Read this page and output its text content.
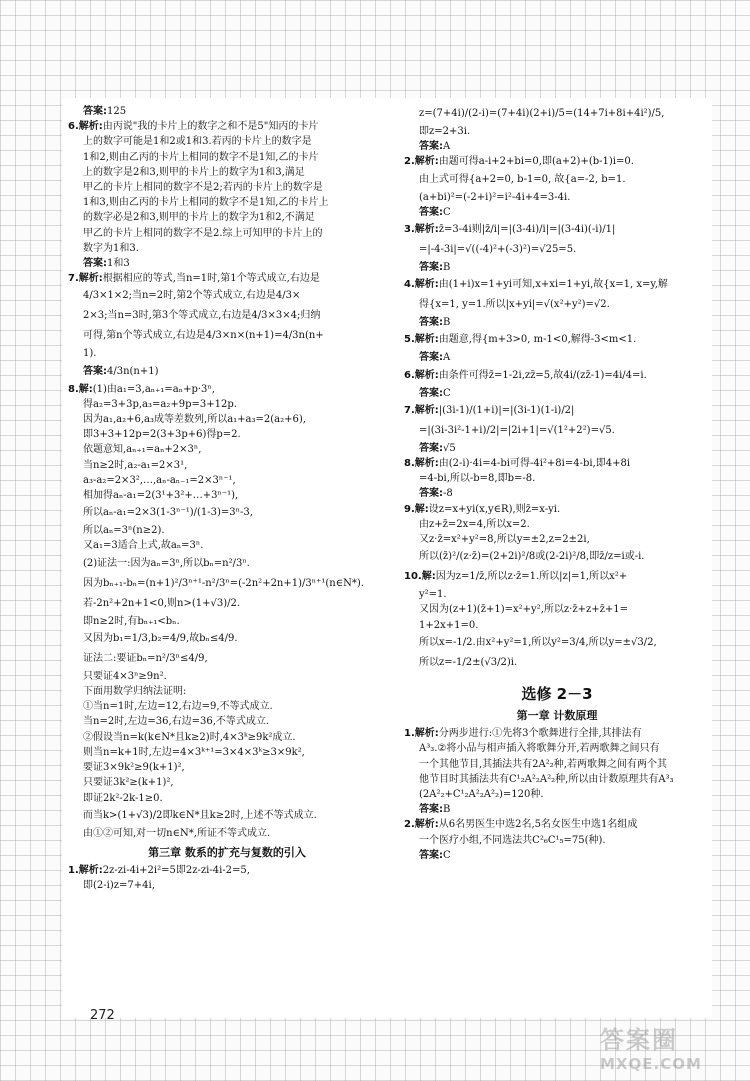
答案:125
6.解析:由丙说"我的卡片上的数字之和不是5"知丙的卡片
上的数字可能是1和2或1和3.若丙的卡片上的数字是
1和2,则由乙丙的卡片上相同的数字不是1知,乙的卡片
上的数字是2和3,则甲的卡片上的数字为1和3,满足
甲乙的卡片上相同的数字不是2;若丙的卡片上的数字是
1和3,则由乙丙的卡片上相同的数字不是1知,乙的卡片上
的数字必是2和3,则甲的卡片上的数字为1和2,不满足
甲乙的卡片上相同的数字不是2.综上可知甲的卡片上的
数字为1和3.
答案:1和3
7.解析:根据相应的等式,当n=1时,第1个等式成立,右边是
4/3×1×2;当n=2时,第2个等式成立,右边是4/3×
2×3;当n=3时,第3个等式成立,右边是4/3×3×4;归纳
可得,第n个等式成立,右边是4/3×n×(n+1)=4/3n(n+
1).
答案:4/3n(n+1)
8.解:(1)由a₁=3,aₙ₊₁=aₙ+p·3ⁿ,
得a₂=3+3p,a₃=a₂+9p=3+12p.
因为a₁,a₂+6,a₃成等差数列,所以a₁+a₃=2(a₂+6),
即3+3+12p=2(3+3p+6)得p=2.
依题意知,aₙ₊₁=aₙ+2×3ⁿ,
当n≥2时,a₂-a₁=2×3¹,
a₃-a₂=2×3²,…,aₙ-aₙ₋₁=2×3ⁿ⁻¹,
相加得aₙ-a₁=2(3¹+3²+…+3ⁿ⁻¹),
所以aₙ-a₁=2×3(1-3ⁿ⁻¹)/(1-3)=3ⁿ-3,
所以aₙ=3ⁿ(n≥2).
又a₁=3适合上式,故aₙ=3ⁿ.
(2)证法一:因为aₙ=3ⁿ,所以bₙ=n²/3ⁿ.
因为bₙ₊₁-bₙ=(n+1)²/3ⁿ⁺¹-n²/3ⁿ=(-2n²+2n+1)/3ⁿ⁺¹(n∈N*).
若-2n²+2n+1<0,则n>(1+√3)/2.
即n≥2时,有bₙ₊₁<bₙ.
又因为b₁=1/3,b₂=4/9,故bₙ≤4/9.
证法二:要证bₙ=n²/3ⁿ≤4/9,
只要证4×3ⁿ≥9n².
下面用数学归纳法证明:
①当n=1时,左边=12,右边=9,不等式成立.
当n=2时,左边=36,右边=36,不等式成立.
②假设当n=k(k∈N*且k≥2)时,4×3ᵏ≥9k²成立.
则当n=k+1时,左边=4×3ᵏ⁺¹=3×4×3ᵏ≥3×9k²,
要证3×9k²≥9(k+1)²,
只要证3k²≥(k+1)²,
即证2k²-2k-1≥0.
而当k>(1+√3)/2即k∈N*且k≥2时,上述不等式成立.
由①②可知,对一切n∈N*,所证不等式成立.
第三章 数系的扩充与复数的引入
1.解析:2z-zi-4i+2i²=5即2z-zi-4i-2=5,
即(2-i)z=7+4i,
z=(7+4i)/(2-i)=(7+4i)(2+i)/5=(14+7i+8i+4i²)/5,
即z=2+3i.
答案:A
2.解析:由题可得a-i+2+bi=0,即(a+2)+(b-1)i=0.
由上式可得{a+2=0, b-1=0, 故{a=-2, b=1.
(a+bi)²=(-2+i)²=i²-4i+4=3-4i.
答案:C
3.解析:z̄=3-4i则|z̄/i|=|(3-4i)/i|=|(3-4i)(-i)/1|
=|-4-3i|=√((-4)²+(-3)²)=√25=5.
答案:B
4.解析:由(1+i)x=1+yi可知,x+xi=1+yi,故{x=1, x=y,解
得{x=1, y=1.所以|x+yi|=√(x²+y²)=√2.
答案:B
5.解析:由题意,得{m+3>0, m-1<0,解得-3<m<1.
答案:A
6.解析:由条件可得z̄=1-2i,zz̄=5,故4i/(zz̄-1)=4i/4=i.
答案:C
7.解析:|(3i-1)/(1+i)|=|(3i-1)(1-i)/2|
=|(3i-3i²-1+i)/2|=|2i+1|=√(1²+2²)=√5.
答案:√5
8.解析:由(2-i)·4i=4-bi可得-4i²+8i=4-bi,即4+8i
=4-bi,所以-b=8,即b=-8.
答案:-8
9.解:设z=x+yi(x,y∈R),则z̄=x-yi.
由z+z̄=2x=4,所以x=2.
又z·z̄=x²+y²=8,所以y=±2,z=2±2i,
所以(z̄)²/(z·z̄)=(2+2i)²/8或(2-2i)²/8,即z̄/z=i或-i.
10.解:因为z=1/z̄,所以z·z̄=1.所以|z|=1,所以x²+
y²=1.
又因为(z+1)(z̄+1)=x²+y²,所以z·z̄+z+z̄+1=
1+2x+1=0.
所以x=-1/2.由x²+y²=1,所以y²=3/4,所以y=±√3/2,
所以z=-1/2±(√3/2)i.
选修 2－3
第一章 计数原理
1.解析:分两步进行:①先将3个歌舞进行全排,其排法有
A³₃.②将小品与相声插入将歌舞分开,若两歌舞之间只有
一个其他节目,其插法共有2A²₂种,若两歌舞之间有两个其
他节目时其插法共有C¹₂A²₂A²₂种,所以由计数原理共有A³₃
(2A²₂+C¹₂A²₂A²₂)=120种.
答案:B
2.解析:从6名男医生中选2名,5名女医生中选1名组成
一个医疗小组,不同选法共C²₆C¹₅=75(种).
答案:C
272
答案圈
MXQE.COM
